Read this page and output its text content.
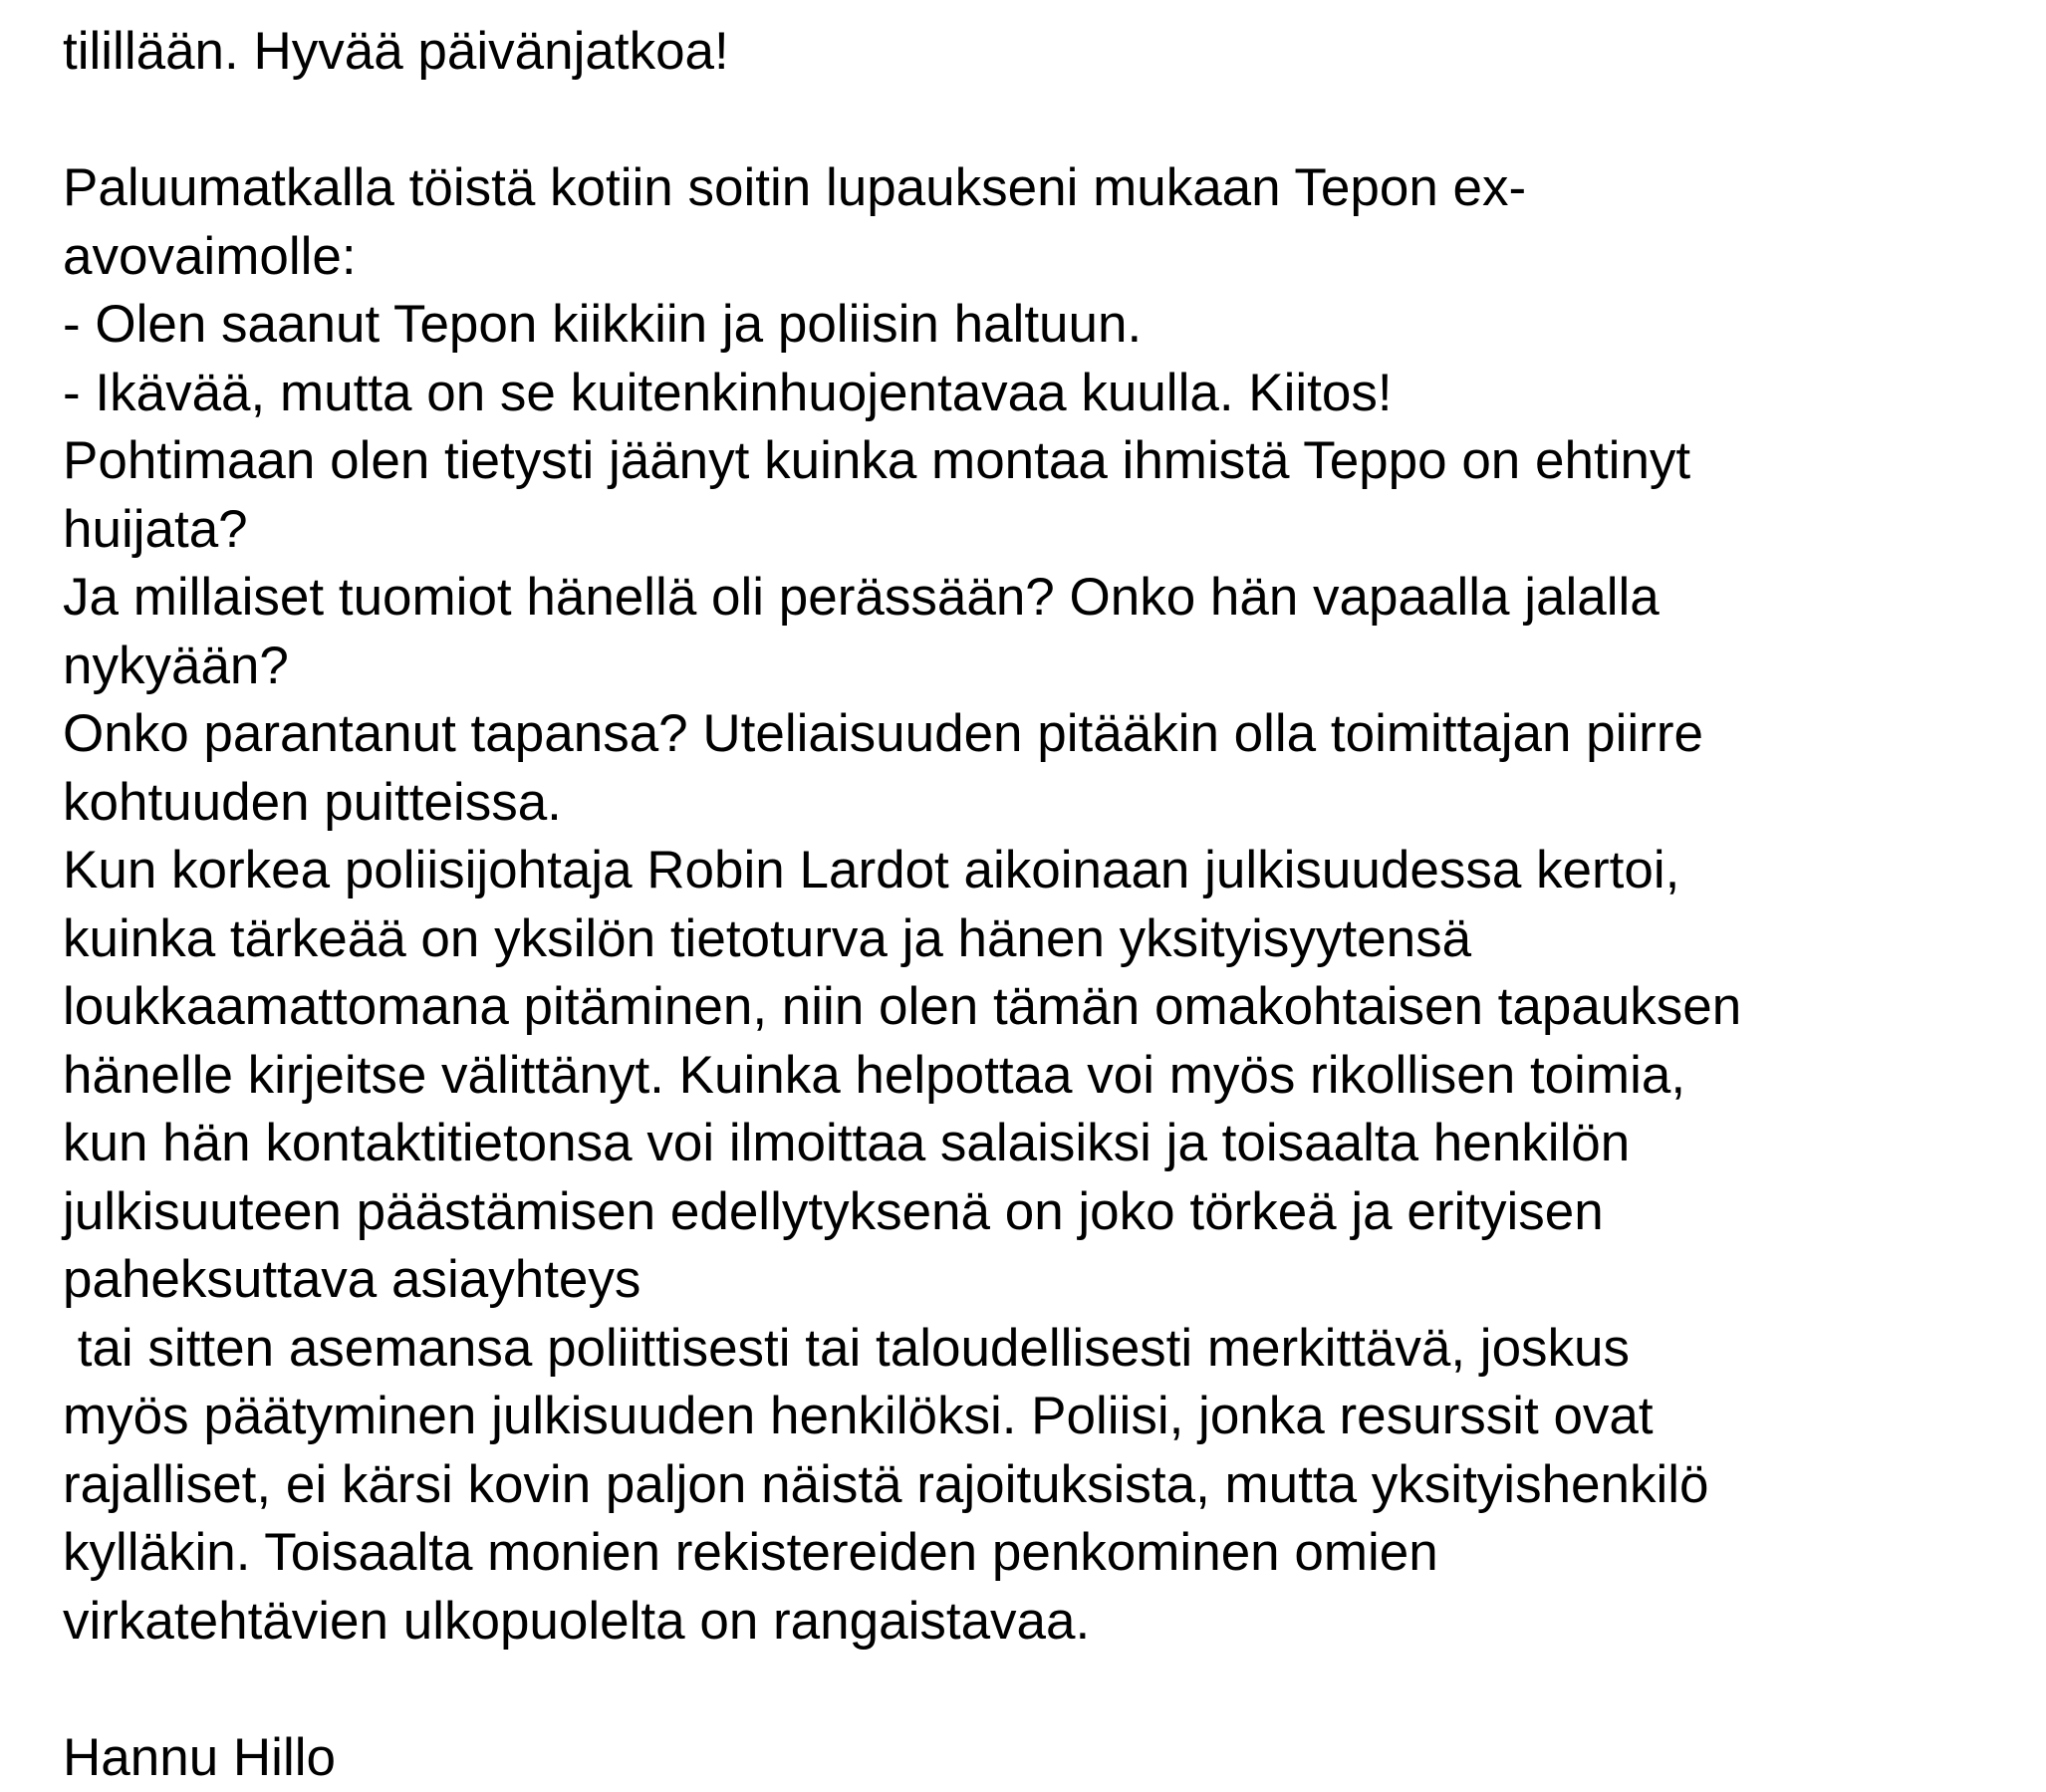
tilillään. Hyvää päivänjatkoa!
Paluumatkalla töistä kotiin soitin lupaukseni mukaan Tepon ex-
avovaimolle:
- Olen saanut Tepon kiikkiin ja poliisin haltuun.
- Ikävää, mutta on se kuitenkinhuojentavaa kuulla. Kiitos!
Pohtimaan olen tietysti jäänyt kuinka montaa ihmistä Teppo on ehtinyt
huijata?
Ja millaiset tuomiot hänellä oli perässään? Onko hän vapaalla jalalla
nykyään?
Onko parantanut tapansa? Uteliaisuuden pitääkin olla toimittajan piirre
kohtuuden puitteissa.
Kun korkea poliisijohtaja Robin Lardot aikoinaan julkisuudessa kertoi,
kuinka tärkeää on yksilön tietoturva ja hänen yksityisyytensä
loukkaamattomana pitäminen, niin olen tämän omakohtaisen tapauksen
hänelle kirjeitse välittänyt. Kuinka helpottaa voi myös rikollisen toimia,
kun hän kontaktitietonsa voi ilmoittaa salaisiksi ja toisaalta henkilön
julkisuuteen päästämisen edellytyksenä on joko törkeä ja erityisen
paheksuttava asiayhteys
tai sitten asemansa poliittisesti tai taloudellisesti merkittävä, joskus
myös päätyminen julkisuuden henkilöksi. Poliisi, jonka resurssit ovat
rajalliset, ei kärsi kovin paljon näistä rajoituksista, mutta yksityishenkilö
kylläkin. Toisaalta monien rekistereiden penkominen omien
virkatehtävien ulkopuolelta on rangaistavaa.
Hannu Hillo
